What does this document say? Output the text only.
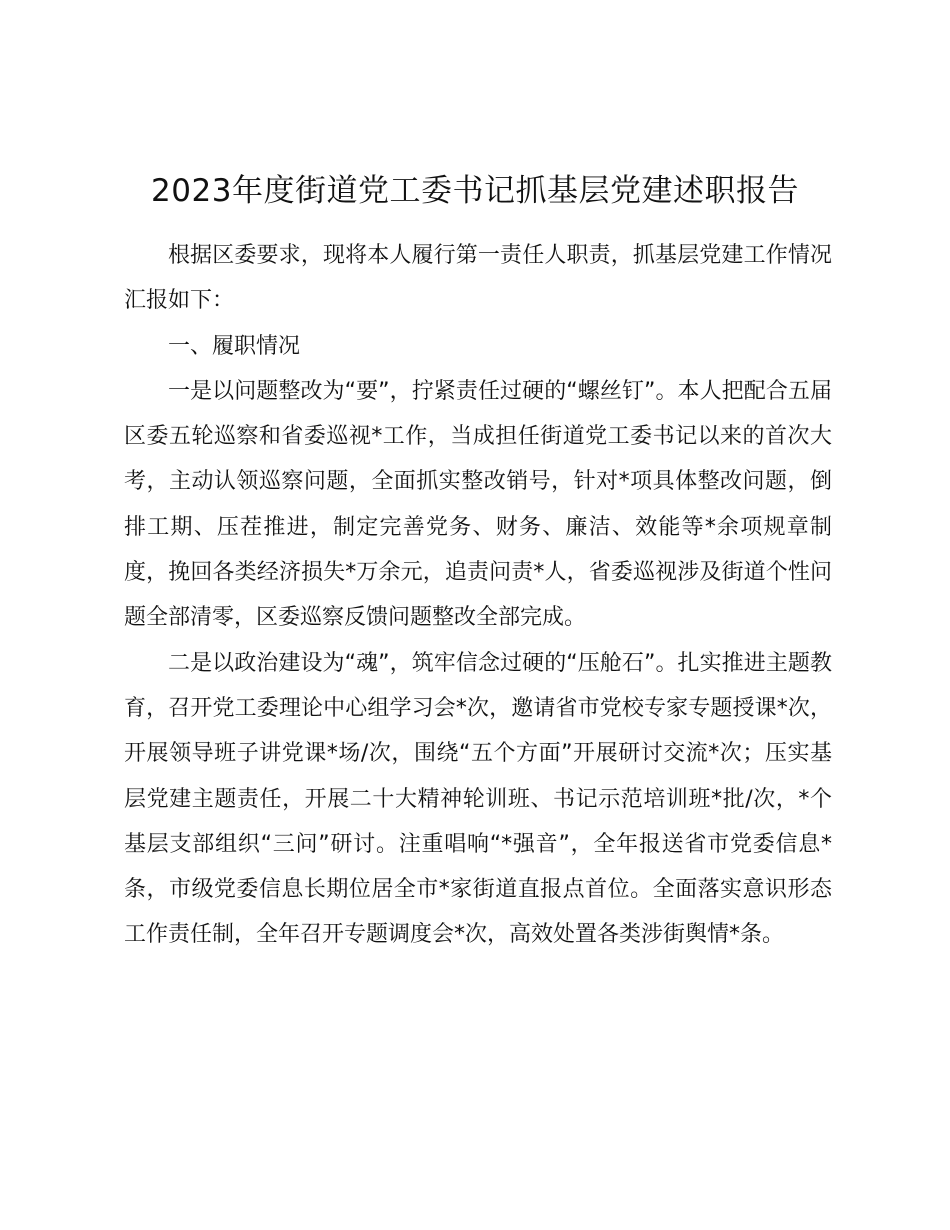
2023年度街道党工委书记抓基层党建述职报告

根据区委要求，现将本人履行第一责任人职责，抓基层党建工作情况汇报如下：

一、履职情况

一是以问题整改为“要”，拧紧责任过硬的“螺丝钉”。本人把配合五届区委五轮巡察和省委巡视*工作，当成担任街道党工委书记以来的首次大考，主动认领巡察问题，全面抓实整改销号，针对*项具体整改问题，倒排工期、压茬推进，制定完善党务、财务、廉洁、效能等*余项规章制度，挽回各类经济损失*万余元，追责问责*人，省委巡视涉及街道个性问题全部清零，区委巡察反馈问题整改全部完成。

二是以政治建设为“魂”，筑牢信念过硬的“压舱石”。扎实推进主题教育，召开党工委理论中心组学习会*次，邀请省市党校专家专题授课*次，开展领导班子讲党课*场/次，围绕“五个方面”开展研讨交流*次；压实基层党建主题责任，开展二十大精神轮训班、书记示范培训班*批/次，*个基层支部组织“三问”研讨。注重唱响“*强音”，全年报送省市党委信息*条，市级党委信息长期位居全市*家街道直报点首位。全面落实意识形态工作责任制，全年召开专题调度会*次，高效处置各类涉街舆情*条。
